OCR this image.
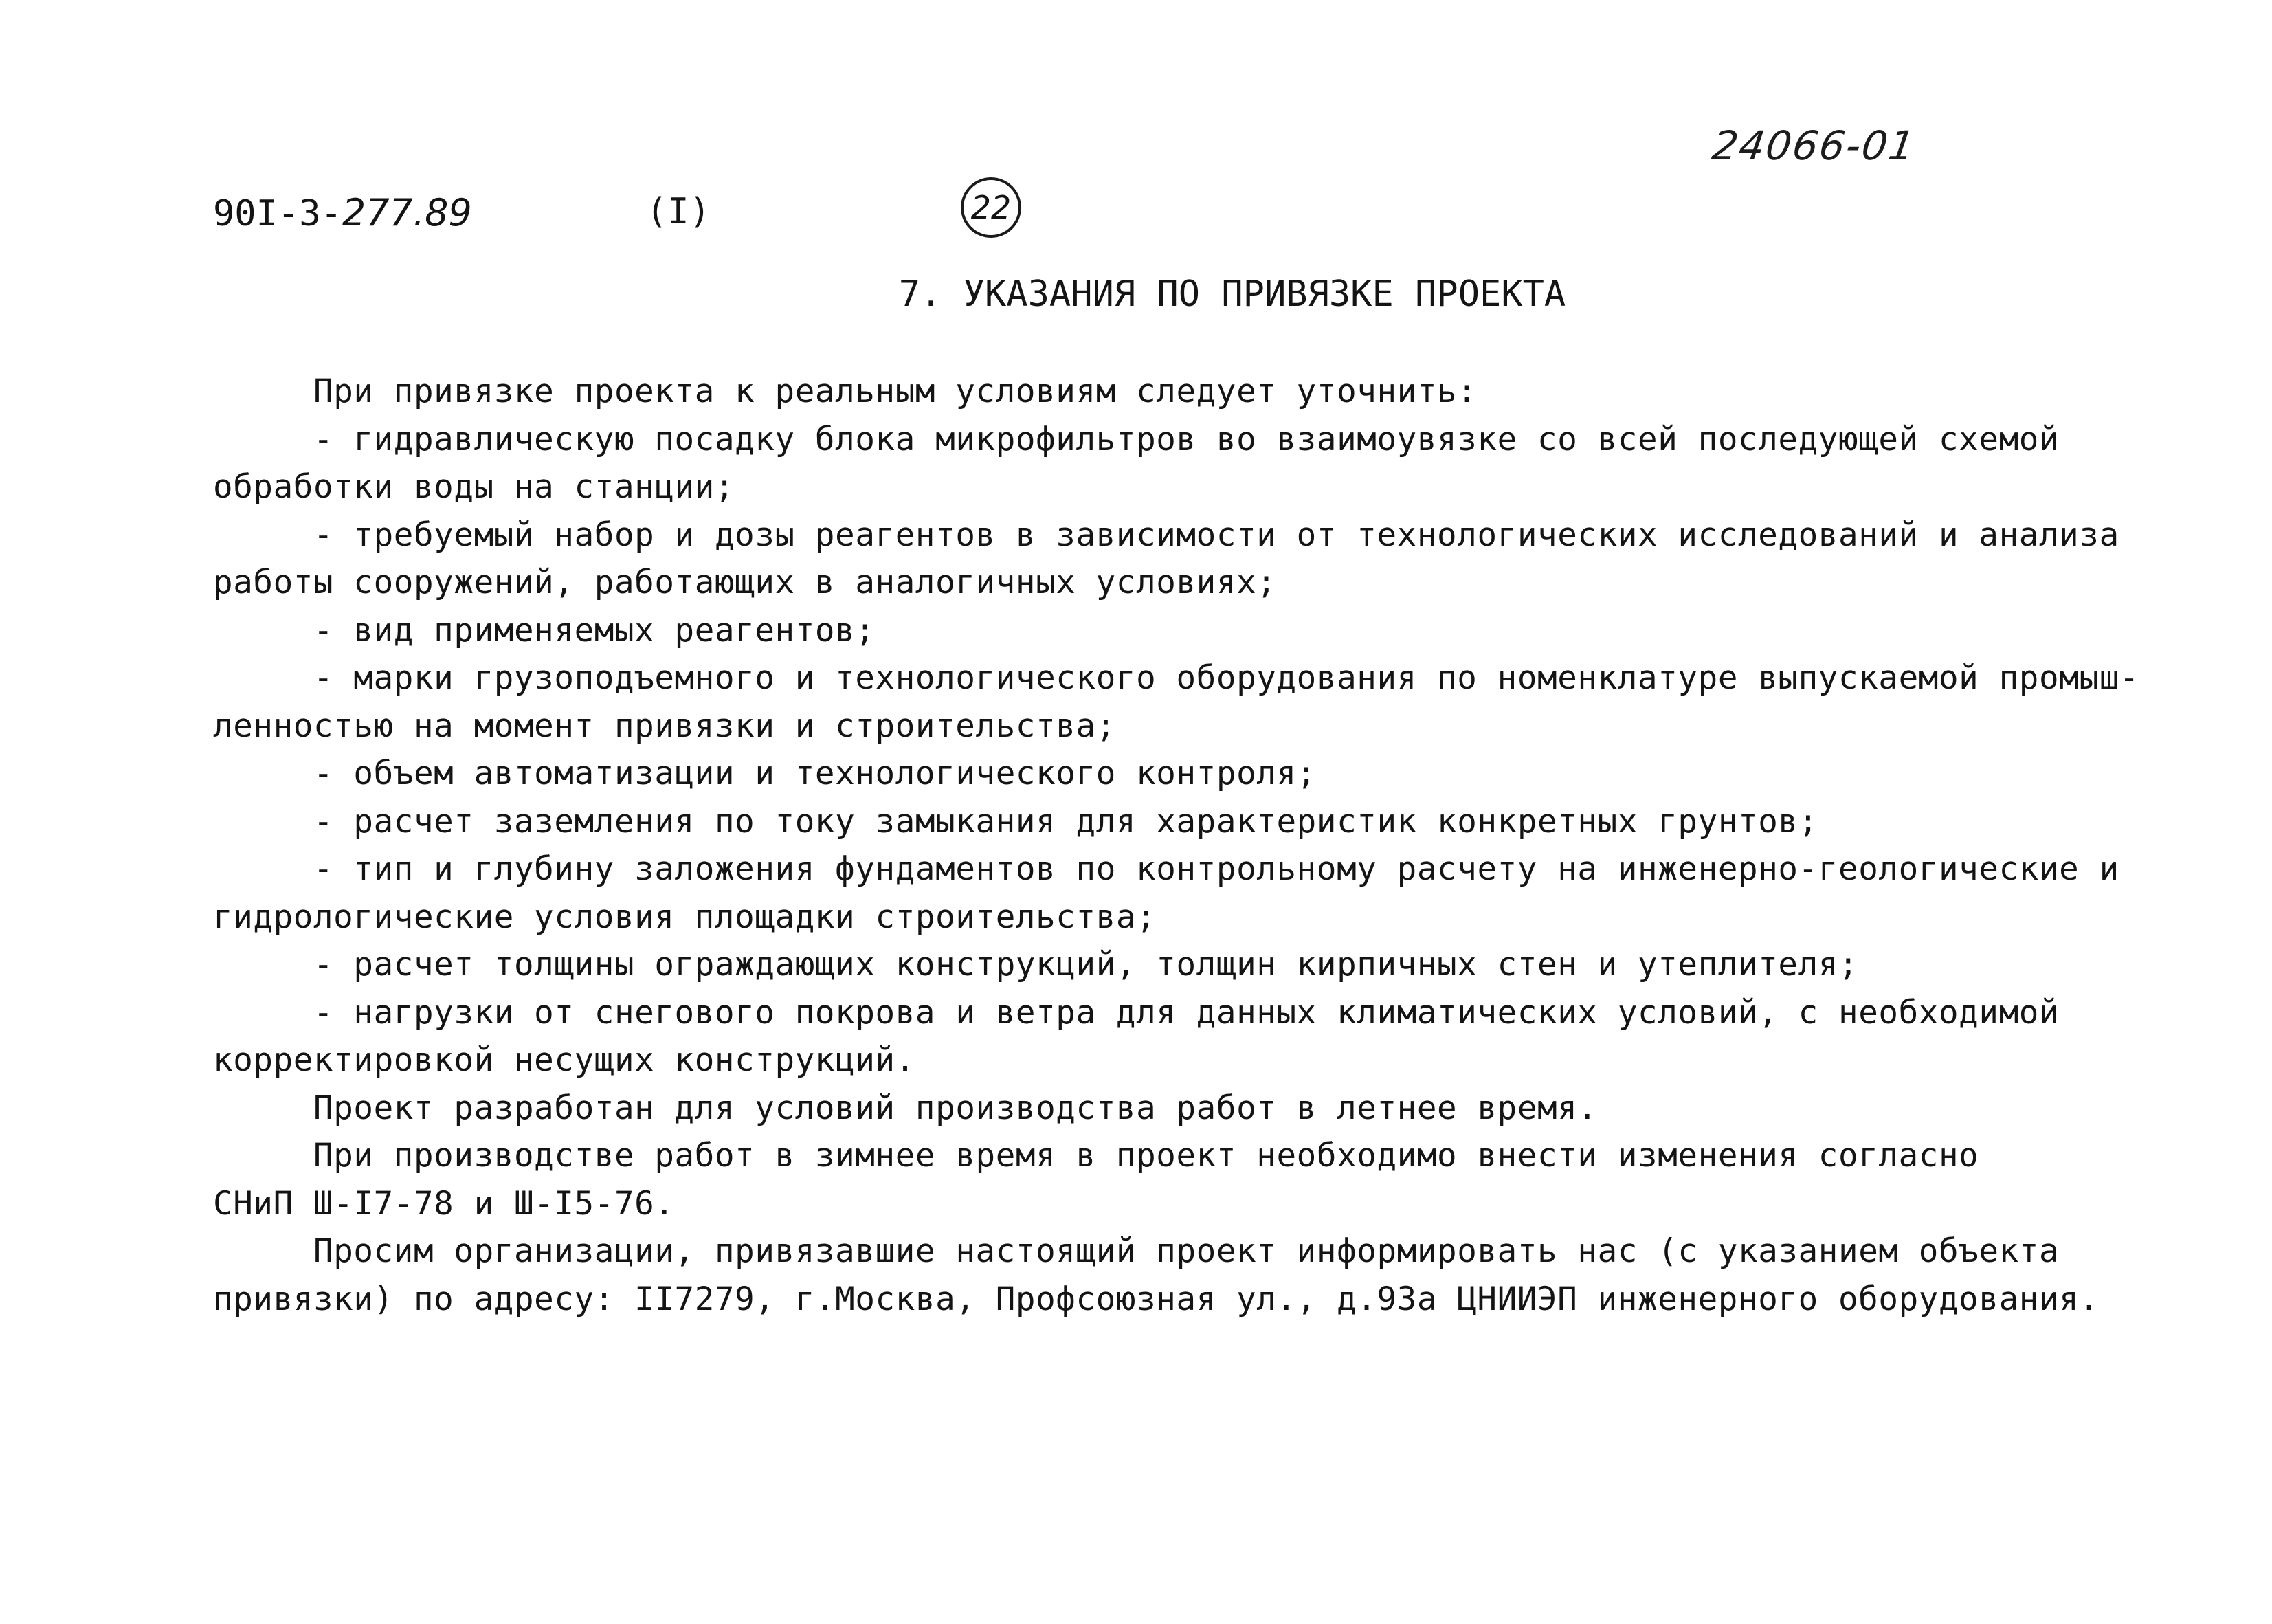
24066-01
90I-3-277.89	(I)	22
7. УКАЗАНИЯ ПО ПРИВЯЗКЕ ПРОЕКТА
При привязке проекта к реальным условиям следует уточнить:
- гидравлическую посадку блока микрофильтров во взаимоувязке со всей последующей схемой
обработки воды на станции;
- требуемый набор и дозы реагентов в зависимости от технологических исследований и анализа
работы сооружений, работающих в аналогичных условиях;
- вид применяемых реагентов;
- марки грузоподъемного и технологического оборудования по номенклатуре выпускаемой промыш-
ленностью на момент привязки и строительства;
- объем автоматизации и технологического контроля;
- расчет заземления по току замыкания для характеристик конкретных грунтов;
- тип и глубину заложения фундаментов по контрольному расчету на инженерно-геологические и
гидрологические условия площадки строительства;
- расчет толщины ограждающих конструкций, толщин кирпичных стен и утеплителя;
- нагрузки от снегового покрова и ветра для данных климатических условий, с необходимой
корректировкой несущих конструкций.
Проект разработан для условий производства работ в летнее время.
При производстве работ в зимнее время в проект необходимо внести изменения согласно
СНиП Ш-I7-78 и Ш-I5-76.
Просим организации, привязавшие настоящий проект информировать нас (с указанием объекта
привязки) по адресу: II7279, г.Москва, Профсоюзная ул., д.93а ЦНИИЭП инженерного оборудования.
